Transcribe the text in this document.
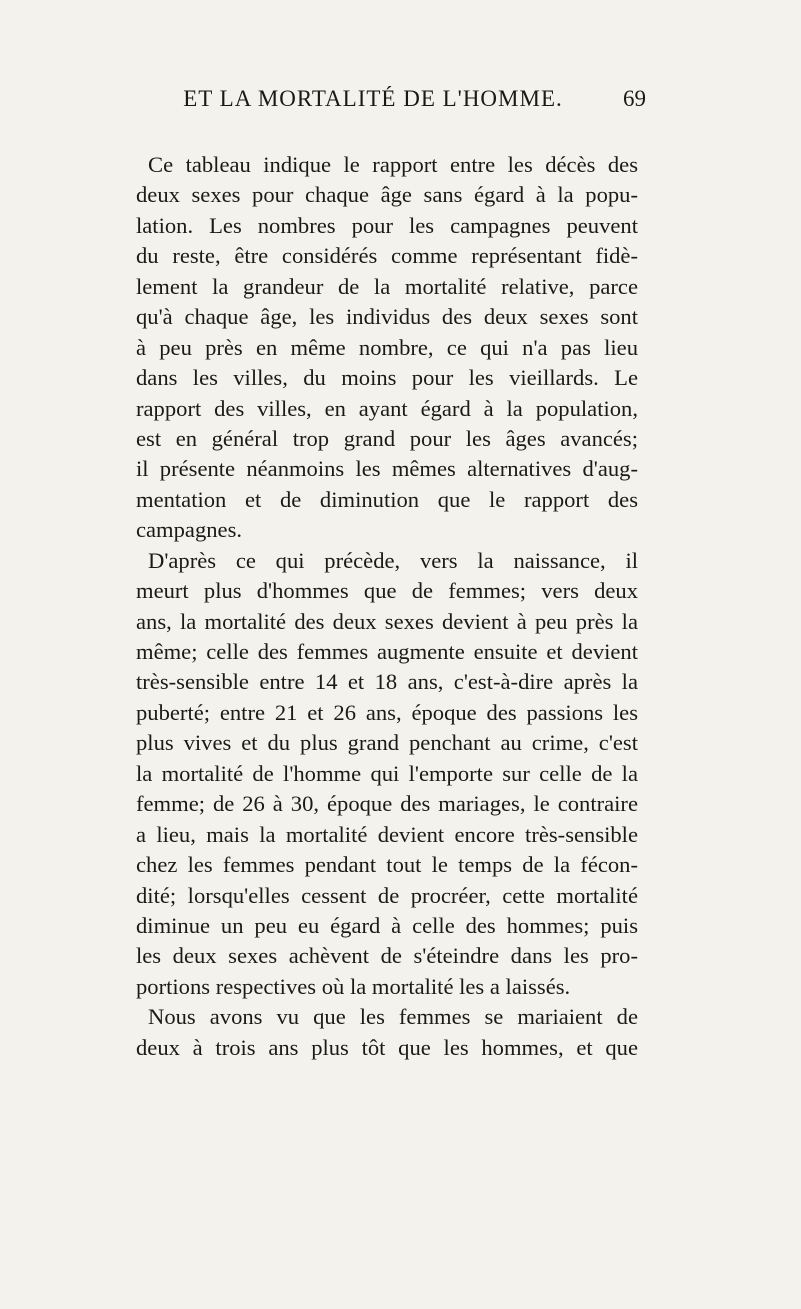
ET LA MORTALITÉ DE L'HOMME.	69
Ce tableau indique le rapport entre les décès des
deux sexes pour chaque âge sans égard à la popu-
lation. Les nombres pour les campagnes peuvent
du reste, être considérés comme représentant fidè-
lement la grandeur de la mortalité relative, parce
qu'à chaque âge, les individus des deux sexes sont
à peu près en même nombre, ce qui n'a pas lieu
dans les villes, du moins pour les vieillards. Le
rapport des villes, en ayant égard à la population,
est en général trop grand pour les âges avancés;
il présente néanmoins les mêmes alternatives d'aug-
mentation et de diminution que le rapport des
campagnes.
D'après ce qui précède, vers la naissance, il
meurt plus d'hommes que de femmes; vers deux
ans, la mortalité des deux sexes devient à peu près la
même; celle des femmes augmente ensuite et devient
très-sensible entre 14 et 18 ans, c'est-à-dire après la
puberté; entre 21 et 26 ans, époque des passions les
plus vives et du plus grand penchant au crime, c'est
la mortalité de l'homme qui l'emporte sur celle de la
femme; de 26 à 30, époque des mariages, le contraire
a lieu, mais la mortalité devient encore très-sensible
chez les femmes pendant tout le temps de la fécon-
dité; lorsqu'elles cessent de procréer, cette mortalité
diminue un peu eu égard à celle des hommes; puis
les deux sexes achèvent de s'éteindre dans les pro-
portions respectives où la mortalité les a laissés.
Nous avons vu que les femmes se mariaient de
deux à trois ans plus tôt que les hommes, et que
